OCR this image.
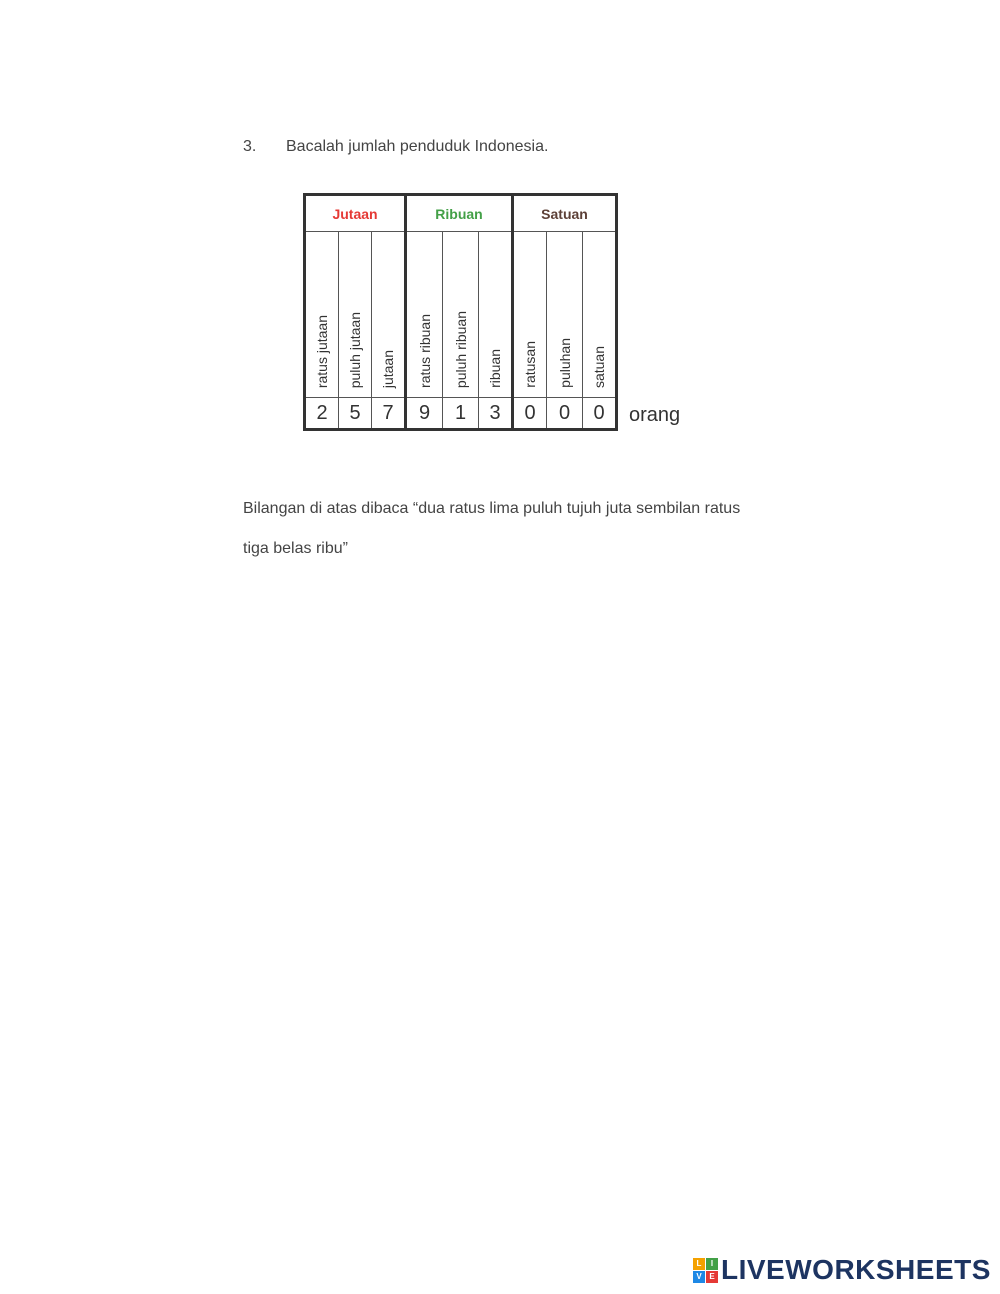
3. Bacalah jumlah penduduk Indonesia.
Jutaan			Ribuan			Satuan		
ratus jutaan	puluh jutaan	jutaan	ratus ribuan	puluh ribuan	ribuan	ratusan	puluhan	satuan
2	5	7	9	1	3	0	0	0 orang
Bilangan di atas dibaca “dua ratus lima puluh tujuh juta sembilan ratus
tiga belas ribu”
L	I
V E LIVEWORKSHEETS
